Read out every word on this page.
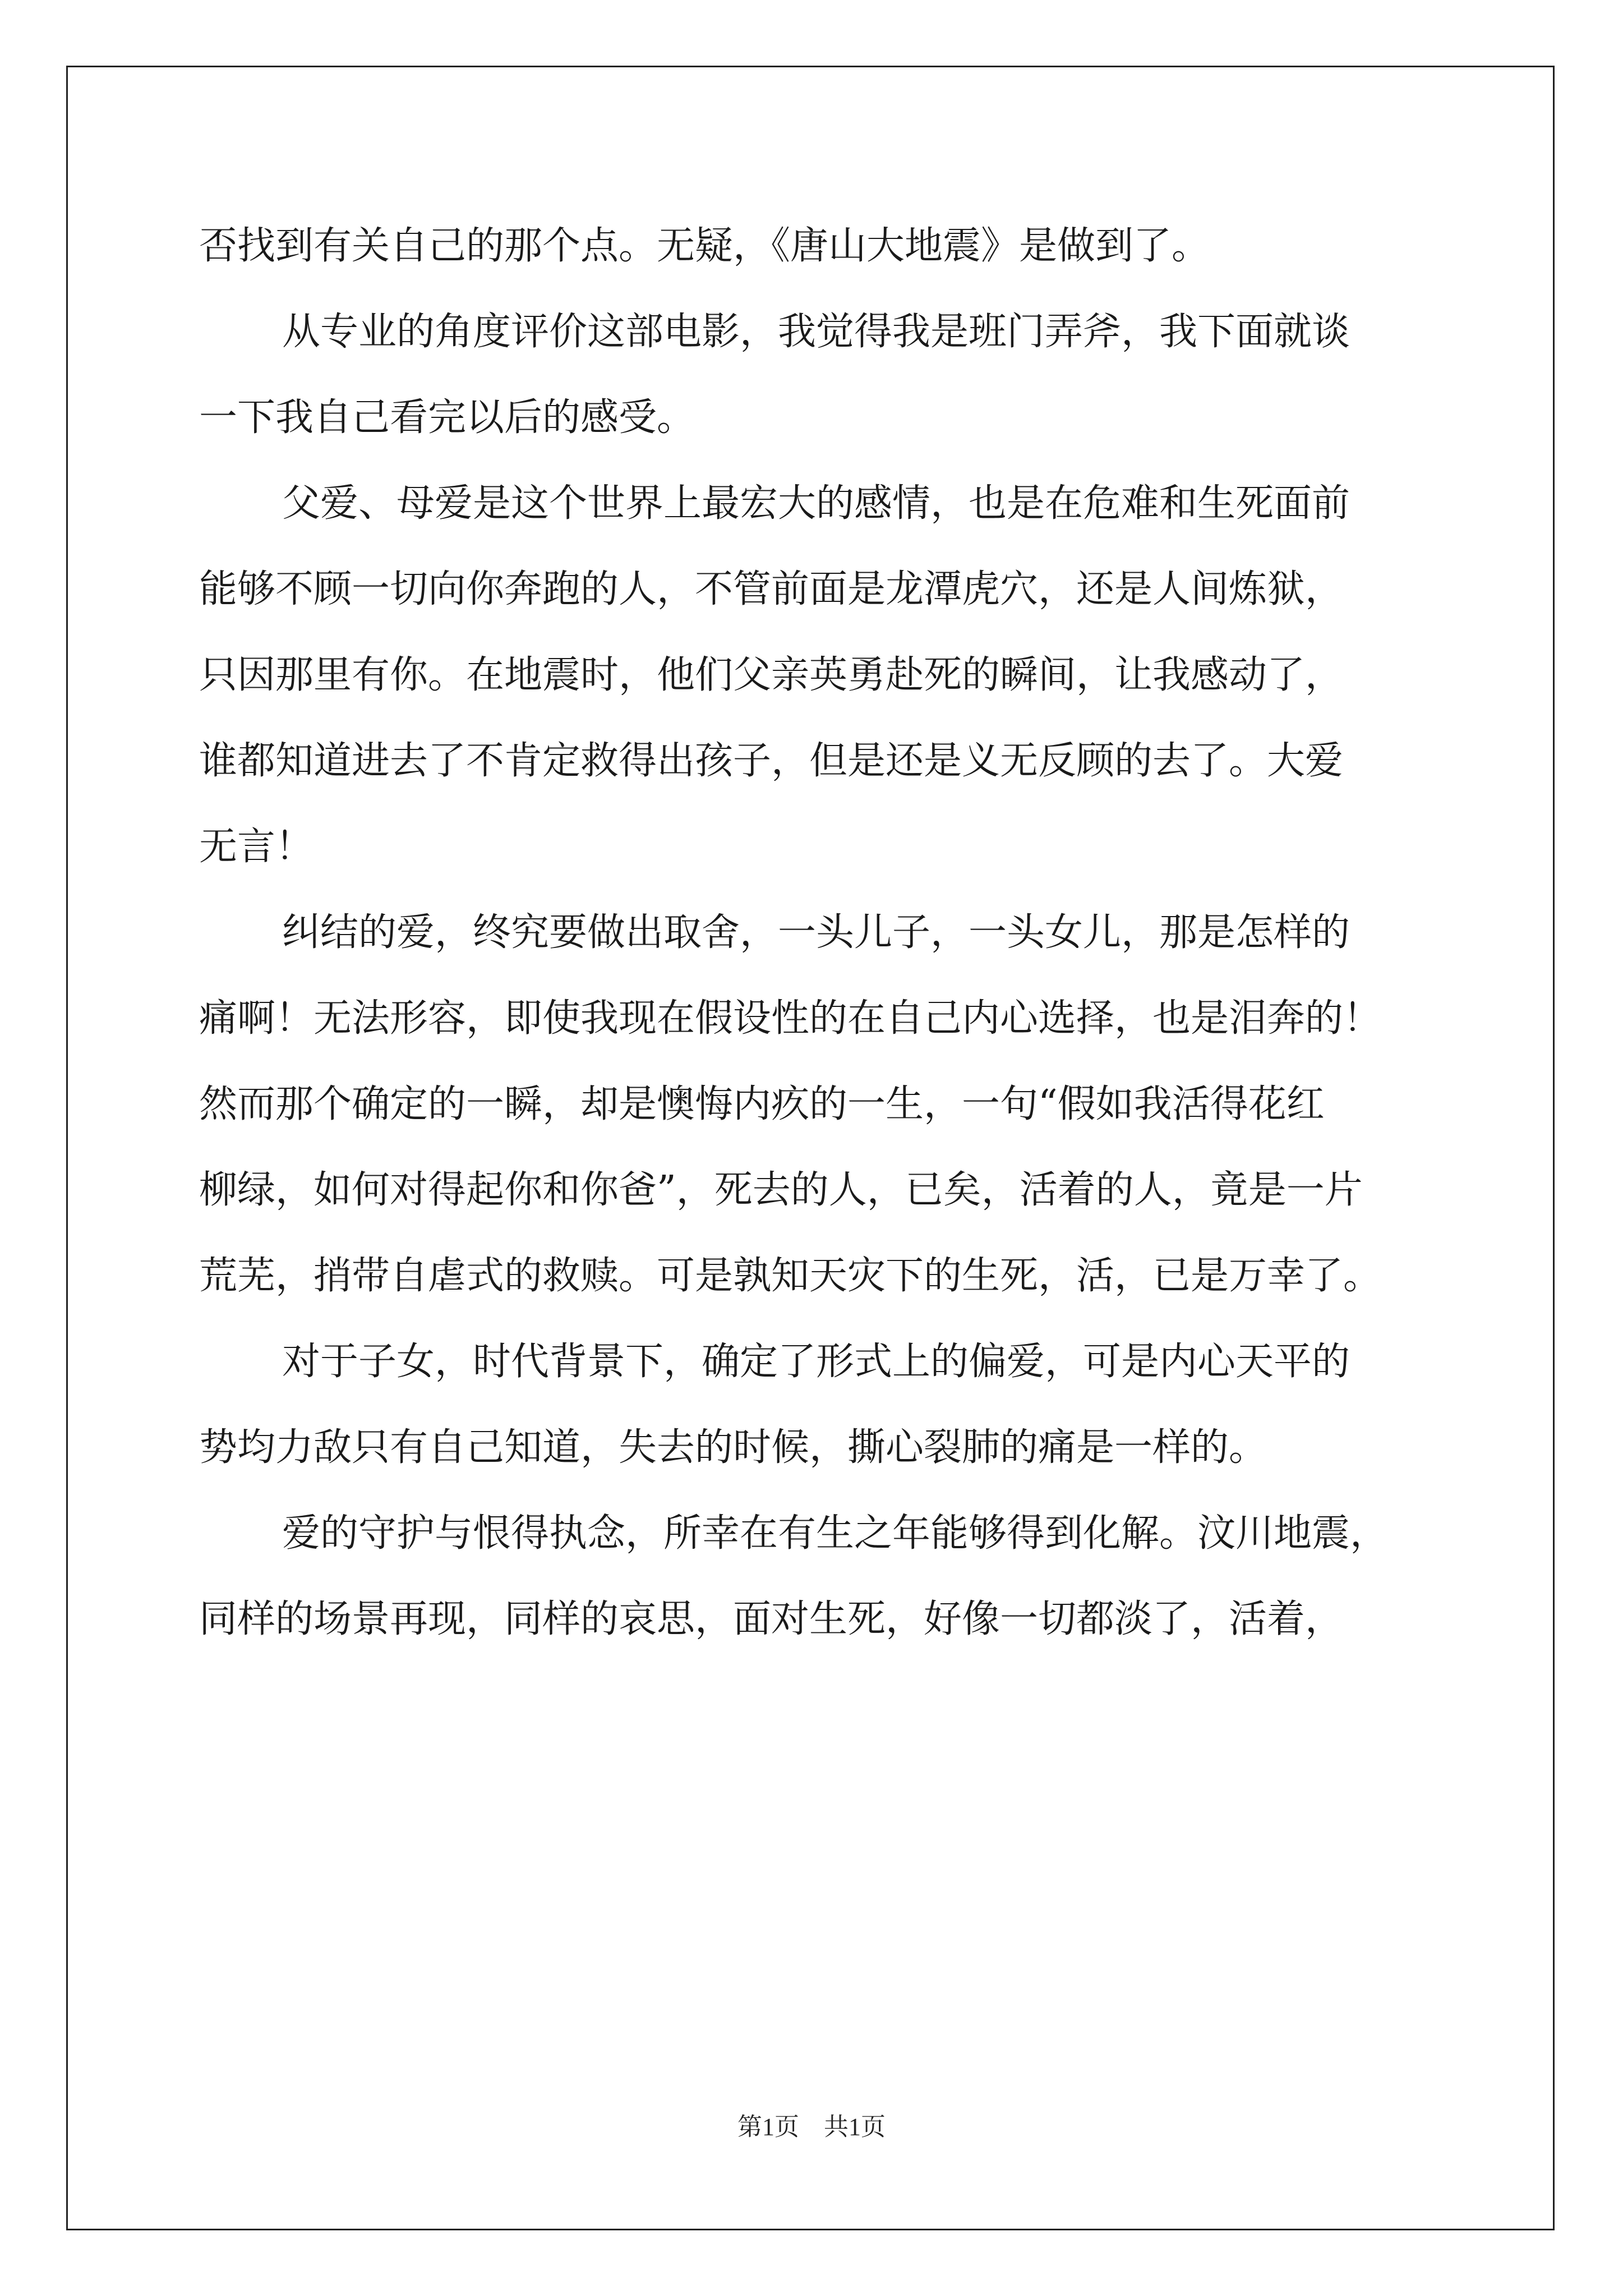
否找到有关自己的那个点。无疑，《唐山大地震》是做到了。
从专业的角度评价这部电影，我觉得我是班门弄斧，我下面就谈
一下我自己看完以后的感受。
父爱、母爱是这个世界上最宏大的感情，也是在危难和生死面前
能够不顾一切向你奔跑的人，不管前面是龙潭虎穴，还是人间炼狱，
只因那里有你。在地震时，他们父亲英勇赴死的瞬间，让我感动了，
谁都知道进去了不肯定救得出孩子，但是还是义无反顾的去了。大爱
无言！
纠结的爱，终究要做出取舍，一头儿子，一头女儿，那是怎样的
痛啊！无法形容，即使我现在假设性的在自己内心选择，也是泪奔的！
然而那个确定的一瞬，却是懊悔内疚的一生，一句“假如我活得花红
柳绿，如何对得起你和你爸”，死去的人，已矣，活着的人，竟是一片
荒芜，捎带自虐式的救赎。可是孰知天灾下的生死，活，已是万幸了。
对于子女，时代背景下，确定了形式上的偏爱，可是内心天平的
势均力敌只有自己知道，失去的时候，撕心裂肺的痛是一样的。
爱的守护与恨得执念，所幸在有生之年能够得到化解。汶川地震，
同样的场景再现，同样的哀思，面对生死，好像一切都淡了，活着，
第1页　共1页
